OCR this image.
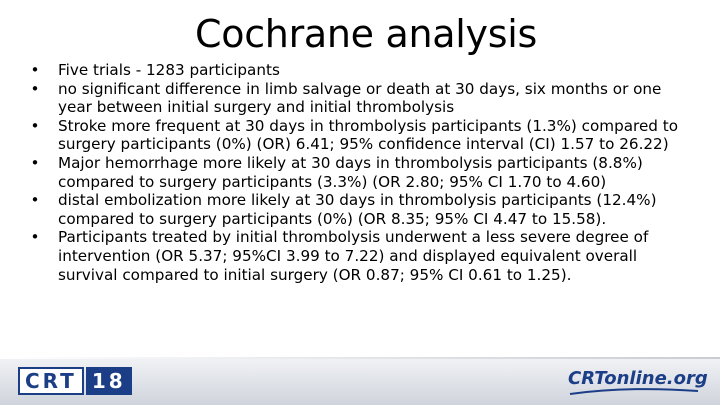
Cochrane analysis
• Five trials - 1283 participants
• no significant difference in limb salvage or death at 30 days, six months or one year between initial surgery and initial thrombolysis
• Stroke more frequent at 30 days in thrombolysis participants (1.3%) compared to surgery participants (0%) (OR) 6.41; 95% confidence interval (CI) 1.57 to 26.22)
• Major hemorrhage more likely at 30 days in thrombolysis participants (8.8%) compared to surgery participants (3.3%) (OR 2.80; 95% CI 1.70 to 4.60)
• distal embolization more likely at 30 days in thrombolysis participants (12.4%) compared to surgery participants (0%) (OR 8.35; 95% CI 4.47 to 15.58).
• Participants treated by initial thrombolysis underwent a less severe degree of intervention (OR 5.37; 95%CI 3.99 to 7.22) and displayed equivalent overall survival compared to initial surgery (OR 0.87; 95% CI 0.61 to 1.25).
CRT 18	CRTonline.org
